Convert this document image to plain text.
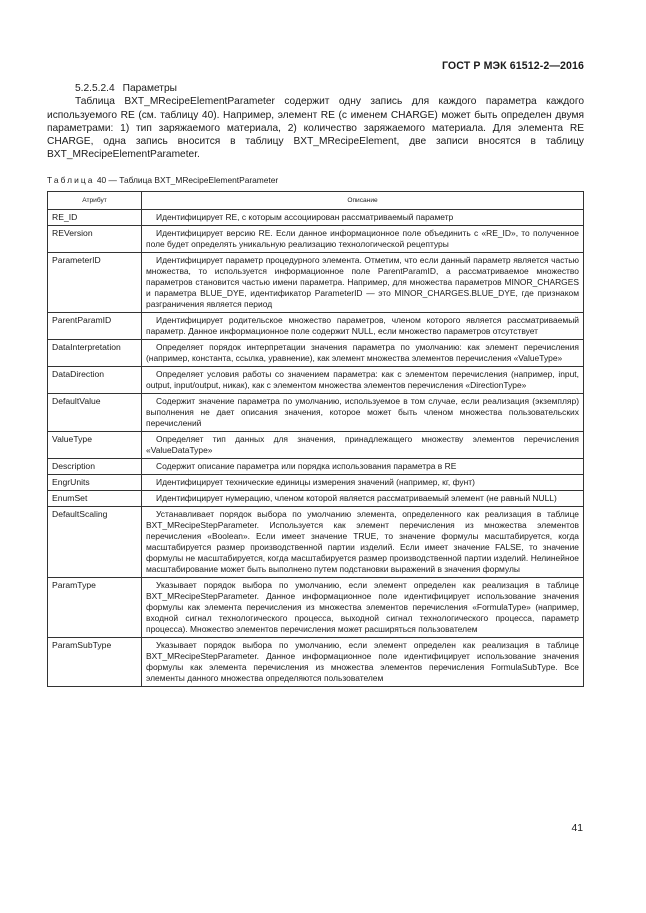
ГОСТ Р МЭК 61512-2—2016

5.2.5.2.4 Параметры

Таблица BXT_MRecipeElementParameter содержит одну запись для каждого параметра каждого используемого RE (см. таблицу 40). Например, элемент RE (с именем CHARGE) может быть определен двумя параметрами: 1) тип заряжаемого материала, 2) количество заряжаемого материала. Для элемента RE CHARGE, одна запись вносится в таблицу BXT_MRecipeElement, две записи вносятся в таблицу BXT_MRecipeElementParameter.

Таблица 40 — Таблица BXT_MRecipeElementParameter
Атрибут	Описание
RE_ID	Идентифицирует RE, с которым ассоциирован рассматриваемый параметр
REVersion	Идентифицирует версию RE. Если данное информационное поле объединить с «RE_ID», то полученное поле будет определять уникальную реализацию технологической рецептуры
ParameterID	Идентифицирует параметр процедурного элемента. Отметим, что если данный параметр является частью множества, то используется информационное поле ParentParamID, а рассматриваемое множество параметров становится частью имени параметра. Например, для множества параметров MINOR_CHARGES и параметра BLUE_DYE, идентификатор ParameterID — это MINOR_CHARGES.BLUE_DYE, где признаком разграничения является период
ParentParamID	Идентифицирует родительское множество параметров, членом которого является рассматриваемый параметр. Данное информационное поле содержит NULL, если множество параметров отсутствует
DataInterpretation	Определяет порядок интерпретации значения параметра по умолчанию: как элемент перечисления (например, константа, ссылка, уравнение), как элемент множества элементов перечисления «ValueType»
DataDirection	Определяет условия работы со значением параметра: как с элементом перечисления (например, input, output, input/output, никак), как с элементом множества элементов перечисления «DirectionType»
DefaultValue	Содержит значение параметра по умолчанию, используемое в том случае, если реализация (экземпляр) выполнения не дает описания значения, которое может быть членом множества пользовательских перечислений
ValueType	Определяет тип данных для значения, принадлежащего множеству элементов перечисления «ValueDataType»
Description	Содержит описание параметра или порядка использования параметра в RE
EngrUnits	Идентифицирует технические единицы измерения значений (например, кг, фунт)
EnumSet	Идентифицирует нумерацию, членом которой является рассматриваемый элемент (не равный NULL)
DefaultScaling	Устанавливает порядок выбора по умолчанию элемента, определенного как реализация в таблице BXT_MRecipeStepParameter. Используется как элемент перечисления из множества элементов перечисления «Boolean». Если имеет значение TRUE, то значение формулы масштабируется, когда масштабируется размер производственной партии изделий. Если имеет значение FALSE, то значение формулы не масштабируется, когда масштабируется размер производственной партии изделий. Нелинейное масштабирование может быть выполнено путем подстановки выражений в значения формулы
ParamType	Указывает порядок выбора по умолчанию, если элемент определен как реализация в таблице BXT_MRecipeStepParameter. Данное информационное поле идентифицирует использование значения формулы как элемента перечисления из множества элементов перечисления «FormulaType» (например, входной сигнал технологического процесса, выходной сигнал технологического процесса, параметр процесса). Множество элементов перечисления может расширяться пользователем
ParamSubType	Указывает порядок выбора по умолчанию, если элемент определен как реализация в таблице BXT_MRecipeStepParameter. Данное информационное поле идентифицирует использование значения формулы как элемента перечисления из множества элементов перечисления FormulaSubType. Все элементы данного множества определяются пользователем
41
